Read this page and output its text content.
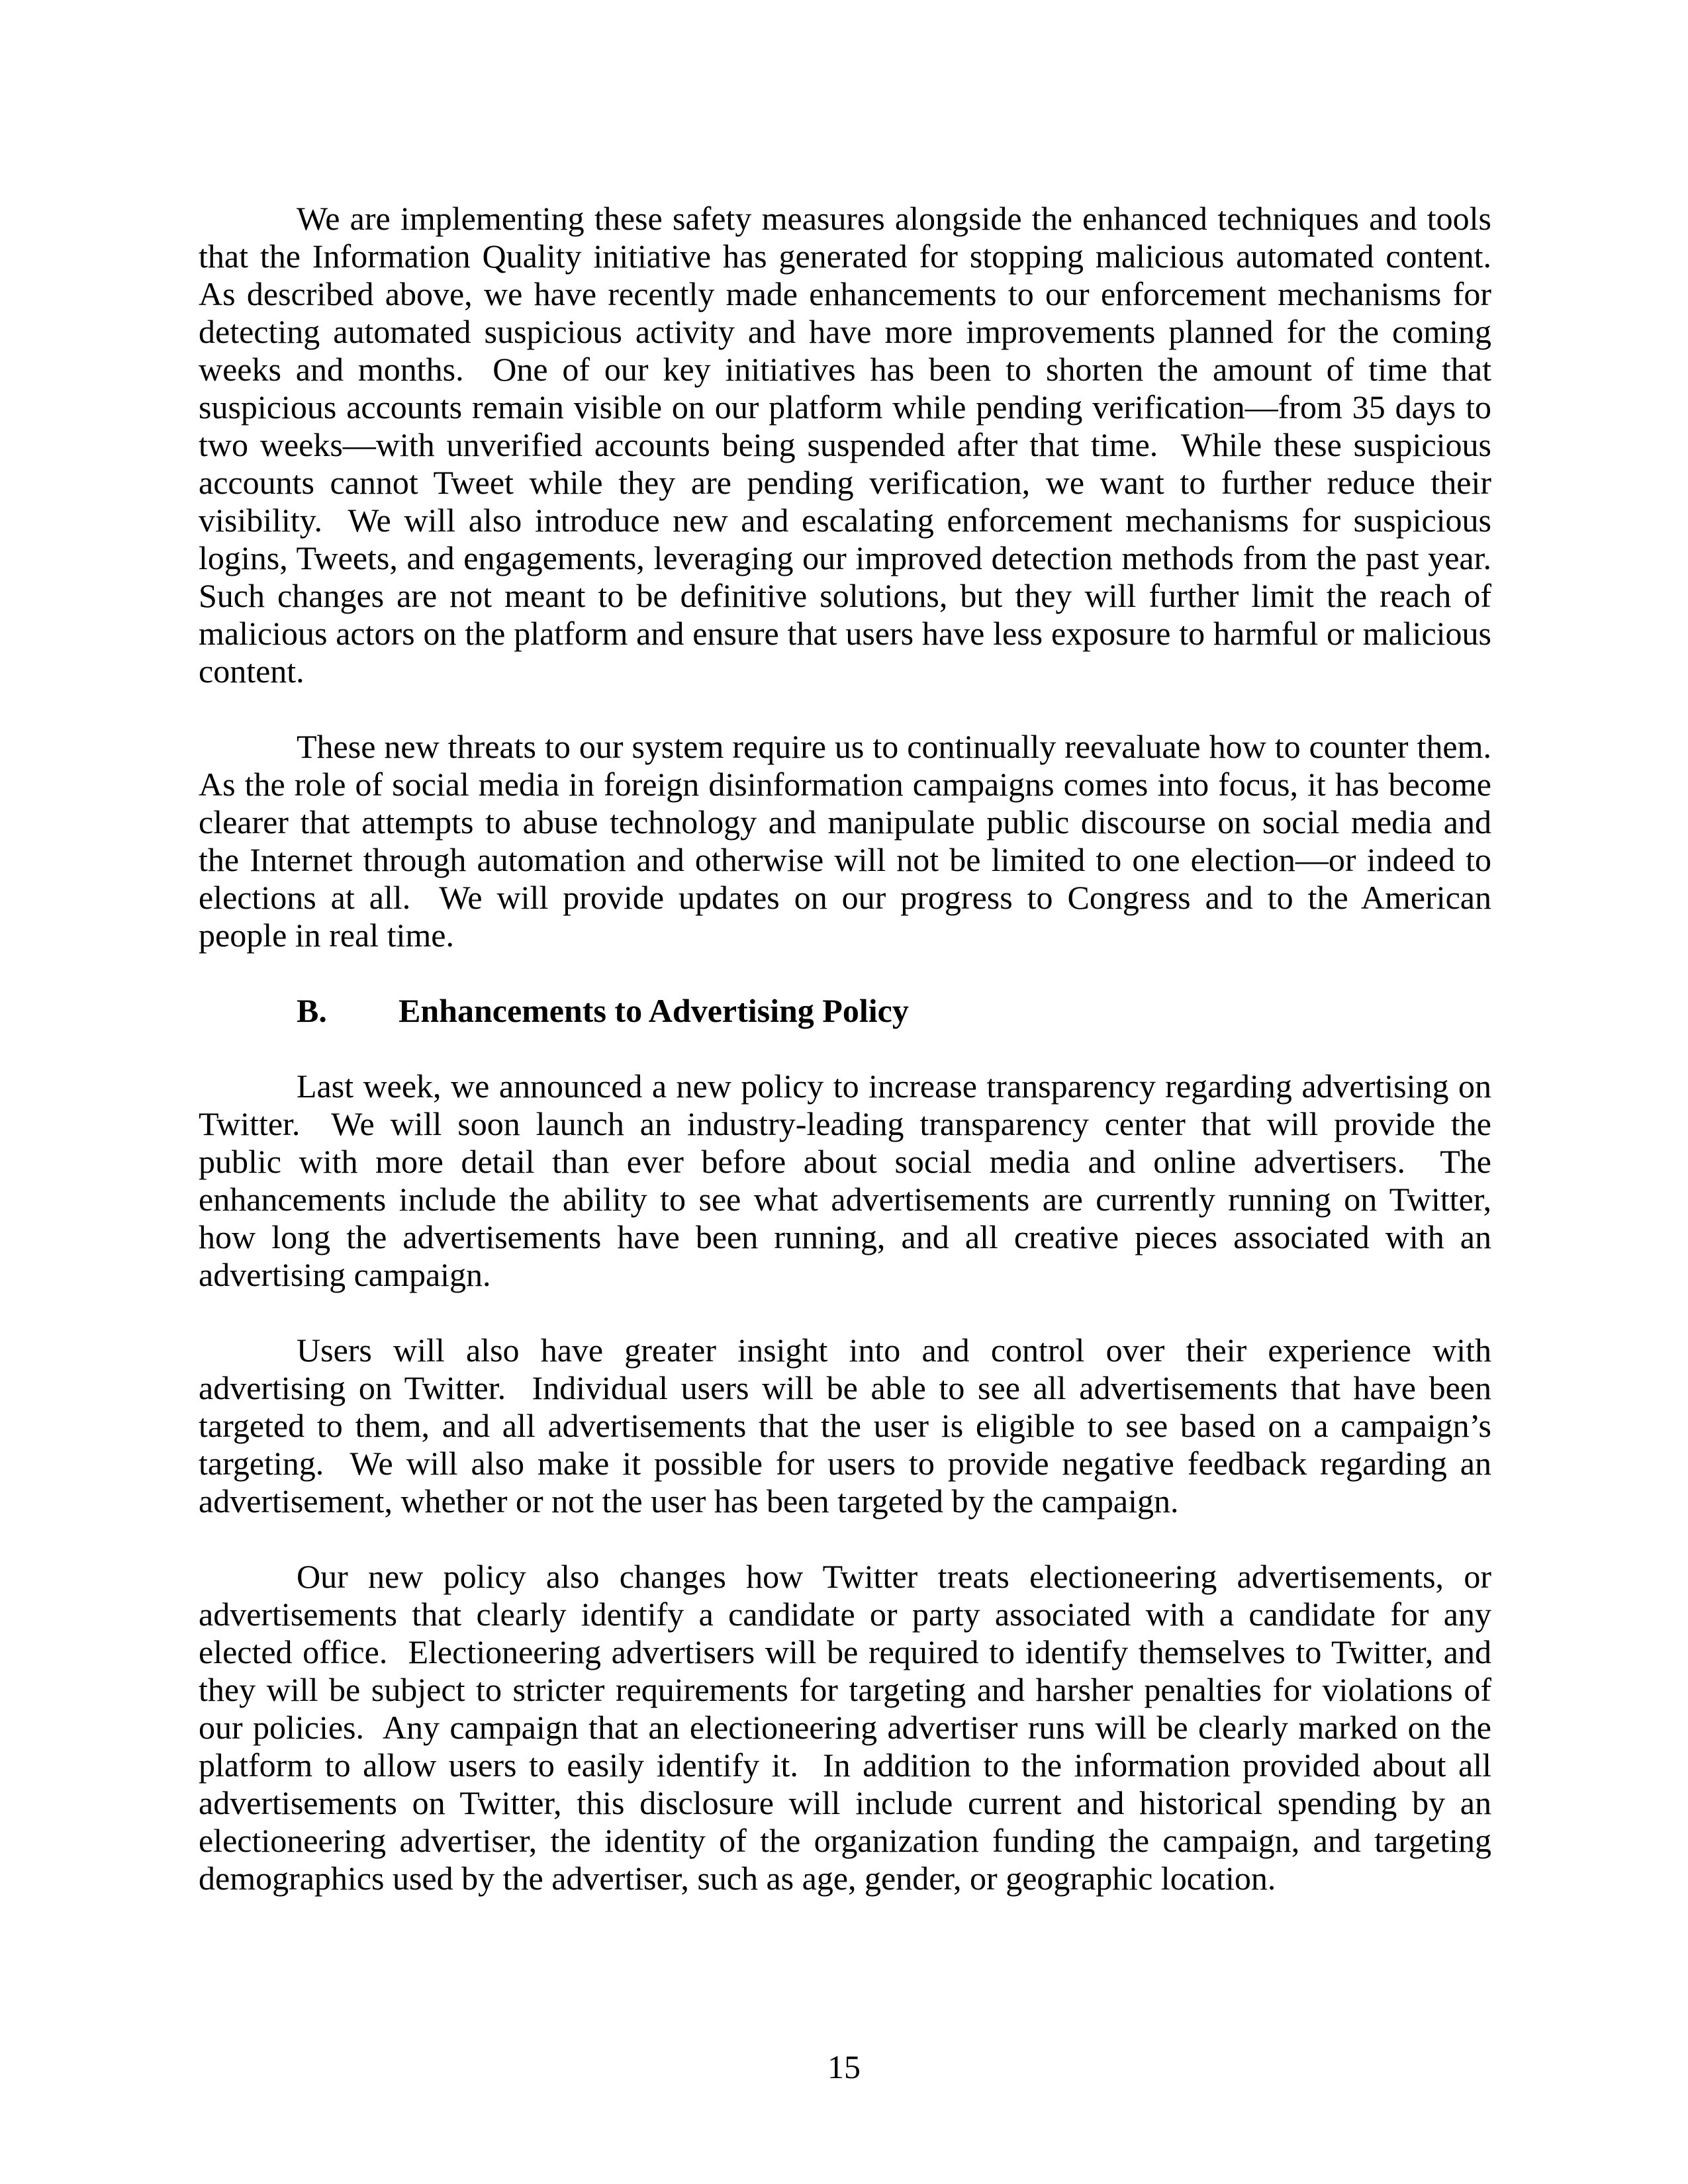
We are implementing these safety measures alongside the enhanced techniques and tools
that the Information Quality initiative has generated for stopping malicious automated content.
As described above, we have recently made enhancements to our enforcement mechanisms for
detecting automated suspicious activity and have more improvements planned for the coming
weeks and months.  One of our key initiatives has been to shorten the amount of time that
suspicious accounts remain visible on our platform while pending verification—from 35 days to
two weeks—with unverified accounts being suspended after that time.  While these suspicious
accounts cannot Tweet while they are pending verification, we want to further reduce their
visibility.  We will also introduce new and escalating enforcement mechanisms for suspicious
logins, Tweets, and engagements, leveraging our improved detection methods from the past year.
Such changes are not meant to be definitive solutions, but they will further limit the reach of
malicious actors on the platform and ensure that users have less exposure to harmful or malicious
content.
These new threats to our system require us to continually reevaluate how to counter them.
As the role of social media in foreign disinformation campaigns comes into focus, it has become
clearer that attempts to abuse technology and manipulate public discourse on social media and
the Internet through automation and otherwise will not be limited to one election—or indeed to
elections at all.  We will provide updates on our progress to Congress and to the American
people in real time.
B. Enhancements to Advertising Policy
Last week, we announced a new policy to increase transparency regarding advertising on
Twitter.  We will soon launch an industry-leading transparency center that will provide the
public with more detail than ever before about social media and online advertisers.  The
enhancements include the ability to see what advertisements are currently running on Twitter,
how long the advertisements have been running, and all creative pieces associated with an
advertising campaign.
Users will also have greater insight into and control over their experience with
advertising on Twitter.  Individual users will be able to see all advertisements that have been
targeted to them, and all advertisements that the user is eligible to see based on a campaign’s
targeting.  We will also make it possible for users to provide negative feedback regarding an
advertisement, whether or not the user has been targeted by the campaign.
Our new policy also changes how Twitter treats electioneering advertisements, or
advertisements that clearly identify a candidate or party associated with a candidate for any
elected office.  Electioneering advertisers will be required to identify themselves to Twitter, and
they will be subject to stricter requirements for targeting and harsher penalties for violations of
our policies.  Any campaign that an electioneering advertiser runs will be clearly marked on the
platform to allow users to easily identify it.  In addition to the information provided about all
advertisements on Twitter, this disclosure will include current and historical spending by an
electioneering advertiser, the identity of the organization funding the campaign, and targeting
demographics used by the advertiser, such as age, gender, or geographic location.
15
